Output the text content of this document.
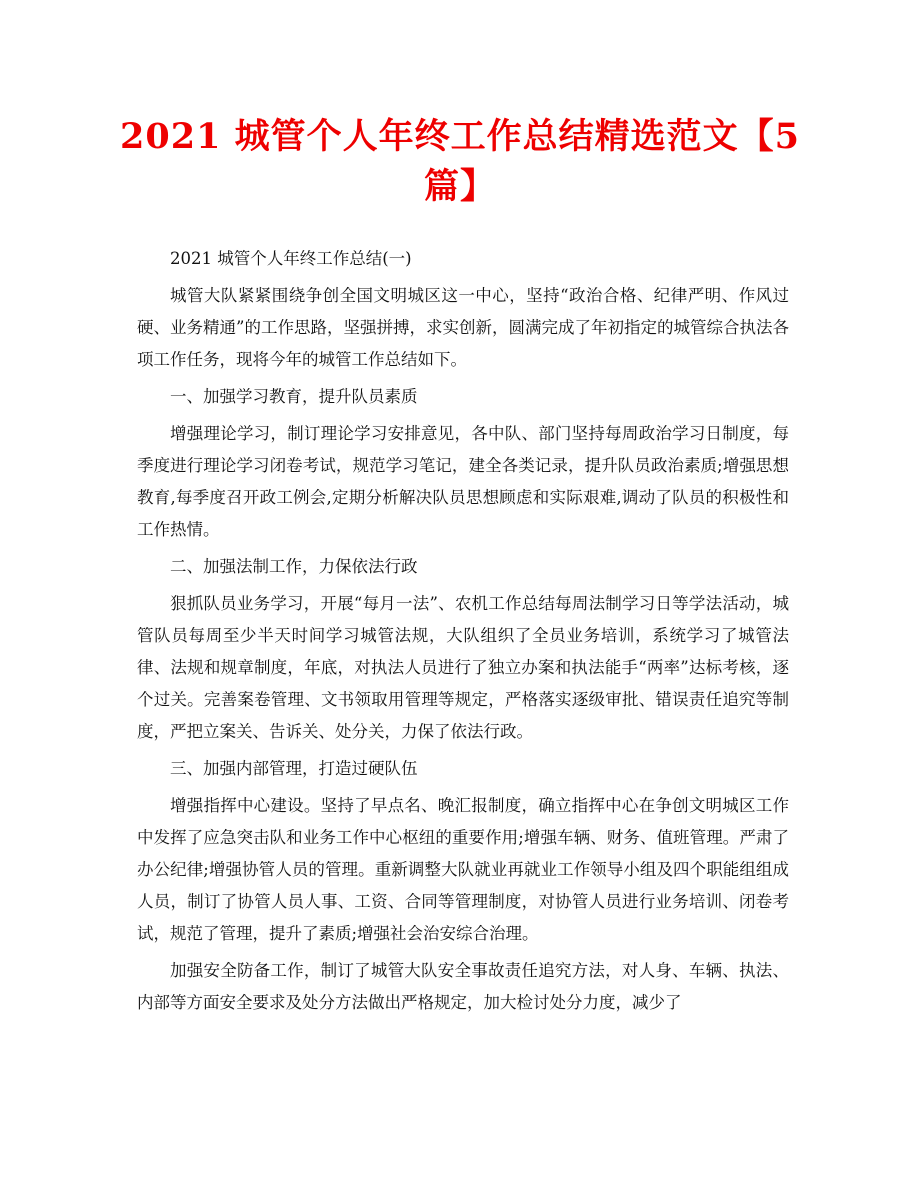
2021 城管个人年终工作总结精选范文【5篇】

2021 城管个人年终工作总结(一)

城管大队紧紧围绕争创全国文明城区这一中心，坚持“政治合格、纪律严明、作风过硬、业务精通”的工作思路，坚强拼搏，求实创新，圆满完成了年初指定的城管综合执法各项工作任务，现将今年的城管工作总结如下。

一、加强学习教育，提升队员素质

增强理论学习，制订理论学习安排意见，各中队、部门坚持每周政治学习日制度，每季度进行理论学习闭卷考试，规范学习笔记，建全各类记录，提升队员政治素质;增强思想教育,每季度召开政工例会,定期分析解决队员思想顾虑和实际艰难,调动了队员的积极性和工作热情。

二、加强法制工作，力保依法行政

狠抓队员业务学习，开展“每月一法”、农机工作总结每周法制学习日等学法活动，城管队员每周至少半天时间学习城管法规，大队组织了全员业务培训，系统学习了城管法律、法规和规章制度，年底，对执法人员进行了独立办案和执法能手“两率”达标考核，逐个过关。完善案卷管理、文书领取用管理等规定，严格落实逐级审批、错误责任追究等制度，严把立案关、告诉关、处分关，力保了依法行政。

三、加强内部管理，打造过硬队伍

增强指挥中心建设。坚持了早点名、晚汇报制度，确立指挥中心在争创文明城区工作中发挥了应急突击队和业务工作中心枢纽的重要作用;增强车辆、财务、值班管理。严肃了办公纪律;增强协管人员的管理。重新调整大队就业再就业工作领导小组及四个职能组组成人员，制订了协管人员人事、工资、合同等管理制度，对协管人员进行业务培训、闭卷考试，规范了管理，提升了素质;增强社会治安综合治理。

加强安全防备工作，制订了城管大队安全事故责任追究方法，对人身、车辆、执法、内部等方面安全要求及处分方法做出严格规定，加大检讨处分力度，减少了
